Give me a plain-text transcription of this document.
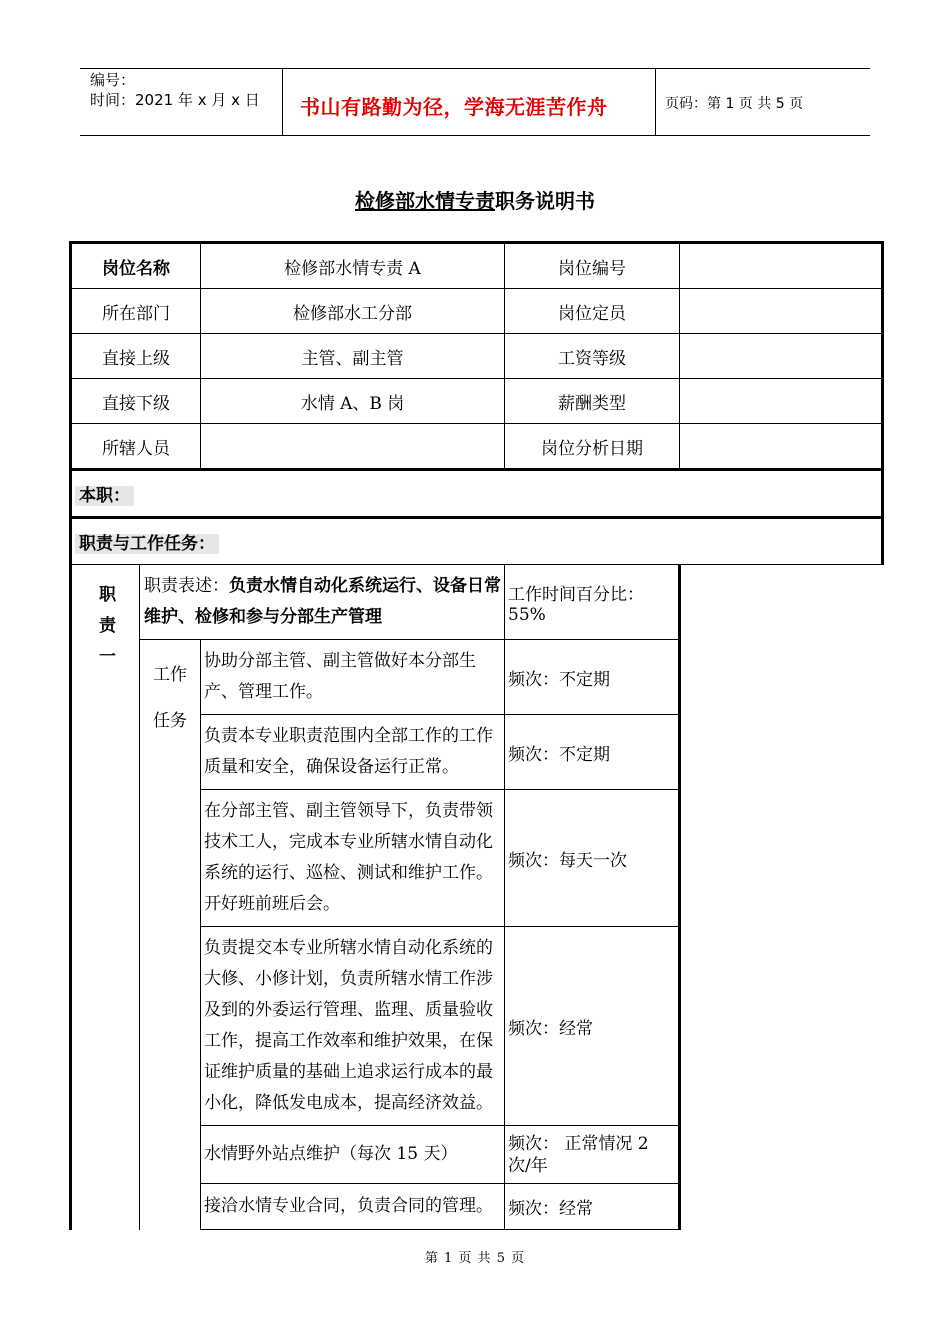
编号：
时间：2021 年 x 月 x 日 书山有路勤为径，学海无涯苦作舟	页码：第 1 页 共 5 页
检修部水情专责职务说明书
岗位名称		检修部水情专责 A	岗位编号	
所在部门		检修部水工分部	岗位定员	
直接上级		主管、副主管	工资等级	
直接下级		水情 A、B 岗	薪酬类型	
所辖人员			岗位分析日期	
本职：				
职责与工作任务：				
职责一	职责表述：负责水情自动化系统运行、设备日常维护、检修和参与分部生产管理		工作时间百分比：55%
	工作
任务	协助分部主管、副主管做好本分部生产、管理工作。	频次：不定期	
		负责本专业职责范围内全部工作的工作质量和安全，确保设备运行正常。	频次：不定期	
		在分部主管、副主管领导下，负责带领技术工人，完成本专业所辖水情自动化系统的运行、巡检、测试和维护工作。开好班前班后会。	频次：每天一次	
		负责提交本专业所辖水情自动化系统的大修、小修计划，负责所辖水情工作涉及到的外委运行管理、监理、质量验收工作，提高工作效率和维护效果，在保证维护质量的基础上追求运行成本的最小化，降低发电成本，提高经济效益。	频次：经常	
		水情野外站点维护（每次 15 天）	频次： 正常情况 2 次/年	
		接洽水情专业合同，负责合同的管理。	频次：经常	
第 1 页 共 5 页
